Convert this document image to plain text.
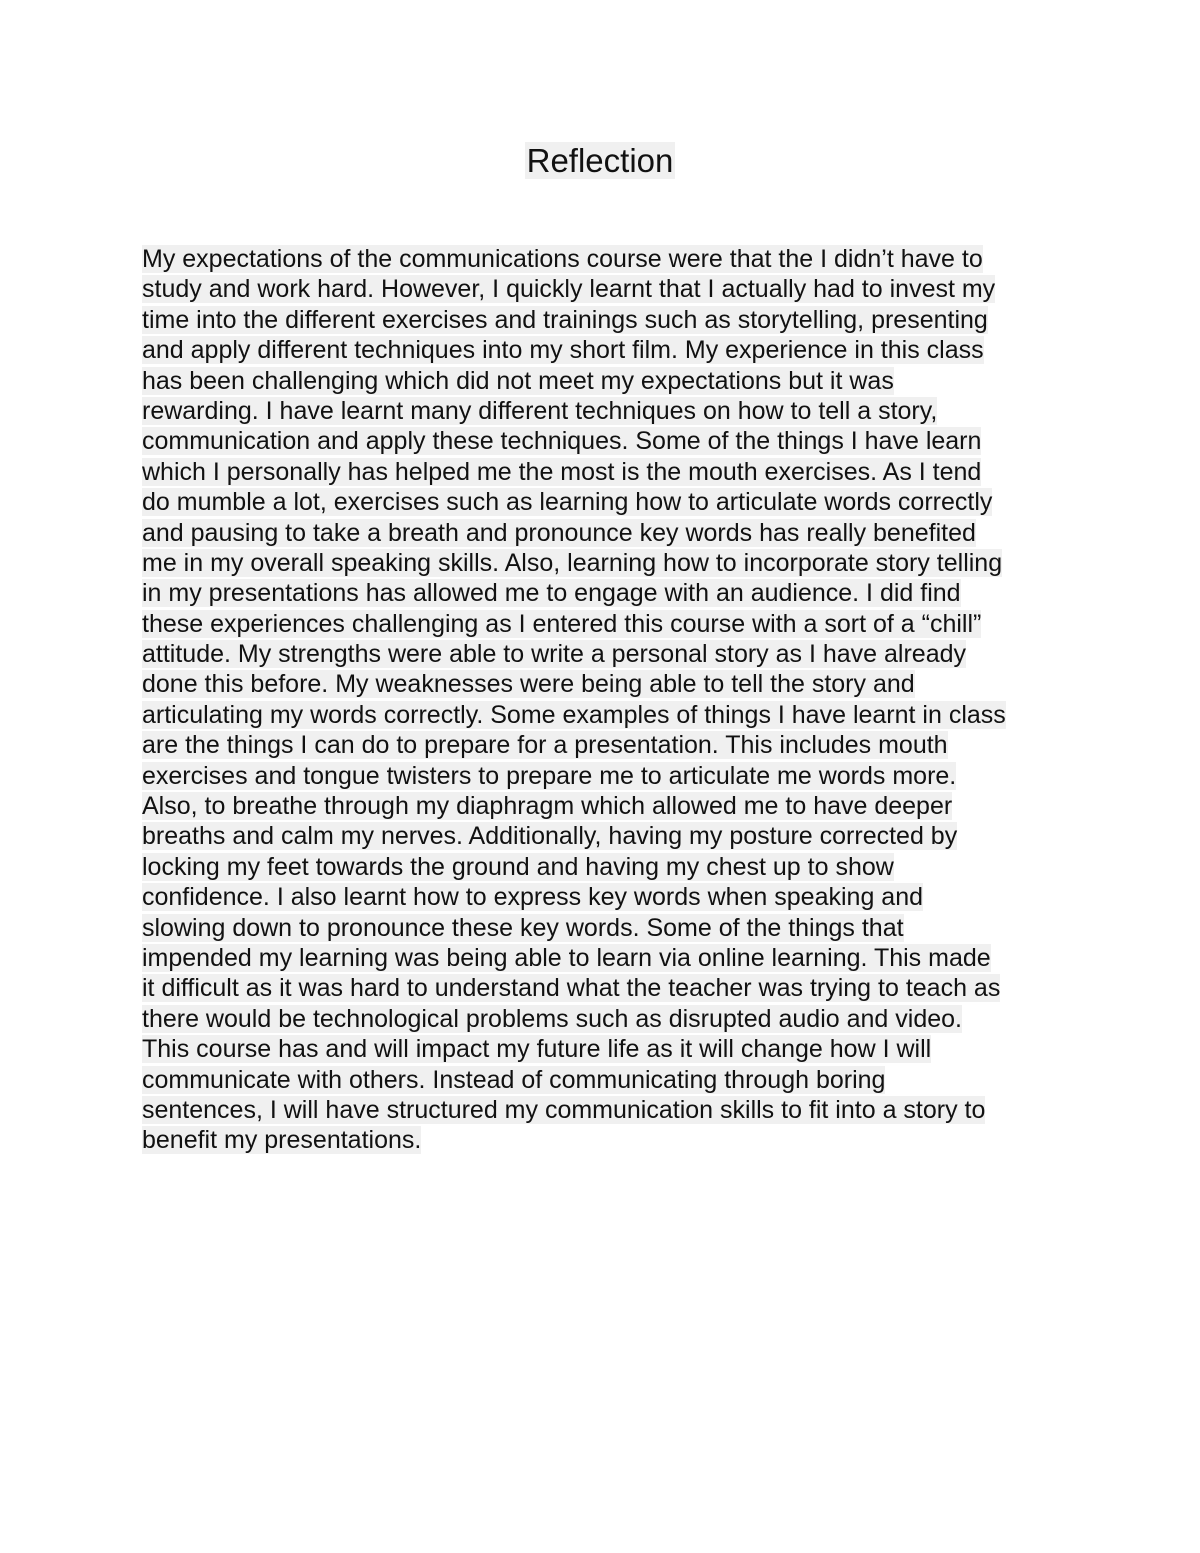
Reflection
My expectations of the communications course were that the I didn’t have to
study and work hard. However, I quickly learnt that I actually had to invest my
time into the different exercises and trainings such as storytelling, presenting
and apply different techniques into my short film. My experience in this class
has been challenging which did not meet my expectations but it was
rewarding. I have learnt many different techniques on how to tell a story,
communication and apply these techniques. Some of the things I have learn
which I personally has helped me the most is the mouth exercises. As I tend
do mumble a lot, exercises such as learning how to articulate words correctly
and pausing to take a breath and pronounce key words has really benefited
me in my overall speaking skills. Also, learning how to incorporate story telling
in my presentations has allowed me to engage with an audience. I did find
these experiences challenging as I entered this course with a sort of a “chill”
attitude. My strengths were able to write a personal story as I have already
done this before. My weaknesses were being able to tell the story and
articulating my words correctly. Some examples of things I have learnt in class
are the things I can do to prepare for a presentation. This includes mouth
exercises and tongue twisters to prepare me to articulate me words more.
Also, to breathe through my diaphragm which allowed me to have deeper
breaths and calm my nerves. Additionally, having my posture corrected by
locking my feet towards the ground and having my chest up to show
confidence. I also learnt how to express key words when speaking and
slowing down to pronounce these key words. Some of the things that
impended my learning was being able to learn via online learning. This made
it difficult as it was hard to understand what the teacher was trying to teach as
there would be technological problems such as disrupted audio and video.
This course has and will impact my future life as it will change how I will
communicate with others. Instead of communicating through boring
sentences, I will have structured my communication skills to fit into a story to
benefit my presentations.
